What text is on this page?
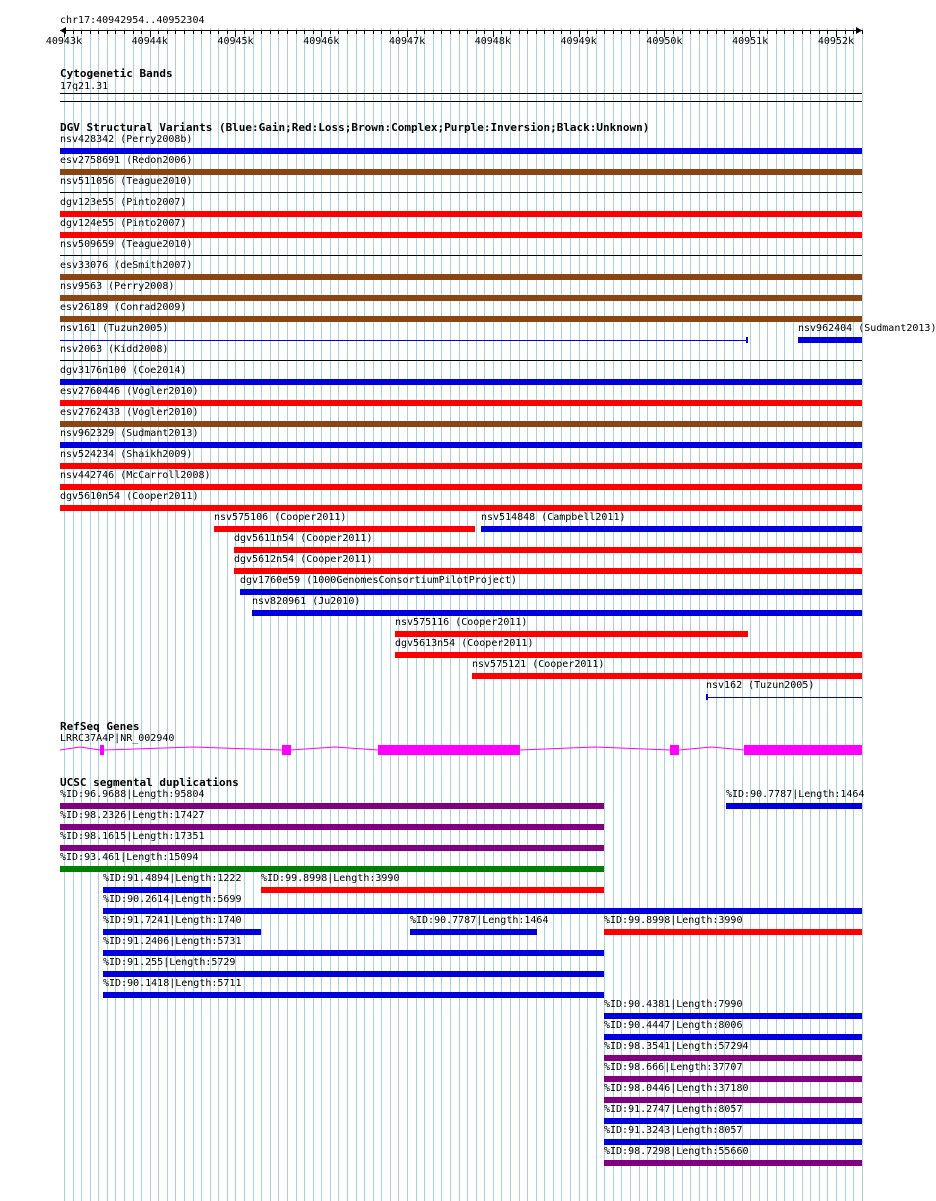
chr17:40942954..40952304
40943k	40944k	40945k	40946k	40947k	40948k	40949k	40950k	40951k	40952k
Cytogenetic Bands
17q21.31
DGV Structural Variants (Blue:Gain;Red:Loss;Brown:Complex;Purple:Inversion;Black:Unknown)
nsv428342 (Perry2008b)
esv2758691 (Redon2006)
nsv511056 (Teague2010)
dgv123e55 (Pinto2007)
dgv124e55 (Pinto2007)
nsv509659 (Teague2010)
esv33076 (deSmith2007)
nsv9563 (Perry2008)
esv26189 (Conrad2009)
nsv161 (Tuzun2005)	nsv962404 (Sudmant2013)
nsv2063 (Kidd2008)
dgv3176n100 (Coe2014)
esv2760446 (Vogler2010)
esv2762433 (Vogler2010)
nsv962329 (Sudmant2013)
nsv524234 (Shaikh2009)
nsv442746 (McCarroll2008)
dgv5610n54 (Cooper2011)
nsv575106 (Cooper2011)	nsv514848 (Campbell2011)
dgv5611n54 (Cooper2011)
dgv5612n54 (Cooper2011)
dgv1760e59 (1000GenomesConsortiumPilotProject)
nsv820961 (Ju2010)
nsv575116 (Cooper2011)
dgv5613n54 (Cooper2011)
nsv575121 (Cooper2011)
nsv162 (Tuzun2005)
RefSeq Genes
LRRC37A4P|NR_002940
UCSC segmental duplications
%ID:96.9688|Length:95804	%ID:90.7787|Length:1464
%ID:98.2326|Length:17427
%ID:98.1615|Length:17351
%ID:93.461|Length:15094
%ID:91.4894|Length:1222 %ID:99.8998|Length:3990
%ID:90.2614|Length:5699
%ID:91.7241|Length:1740	%ID:90.7787|Length:1464	%ID:99.8998|Length:3990
%ID:91.2406|Length:5731
%ID:91.255|Length:5729
%ID:90.1418|Length:5711
%ID:90.4381|Length:7990
%ID:90.4447|Length:8006
%ID:98.3541|Length:57294
%ID:98.666|Length:37707
%ID:98.0446|Length:37180
%ID:91.2747|Length:8057
%ID:91.3243|Length:8057
%ID:98.7298|Length:55660
